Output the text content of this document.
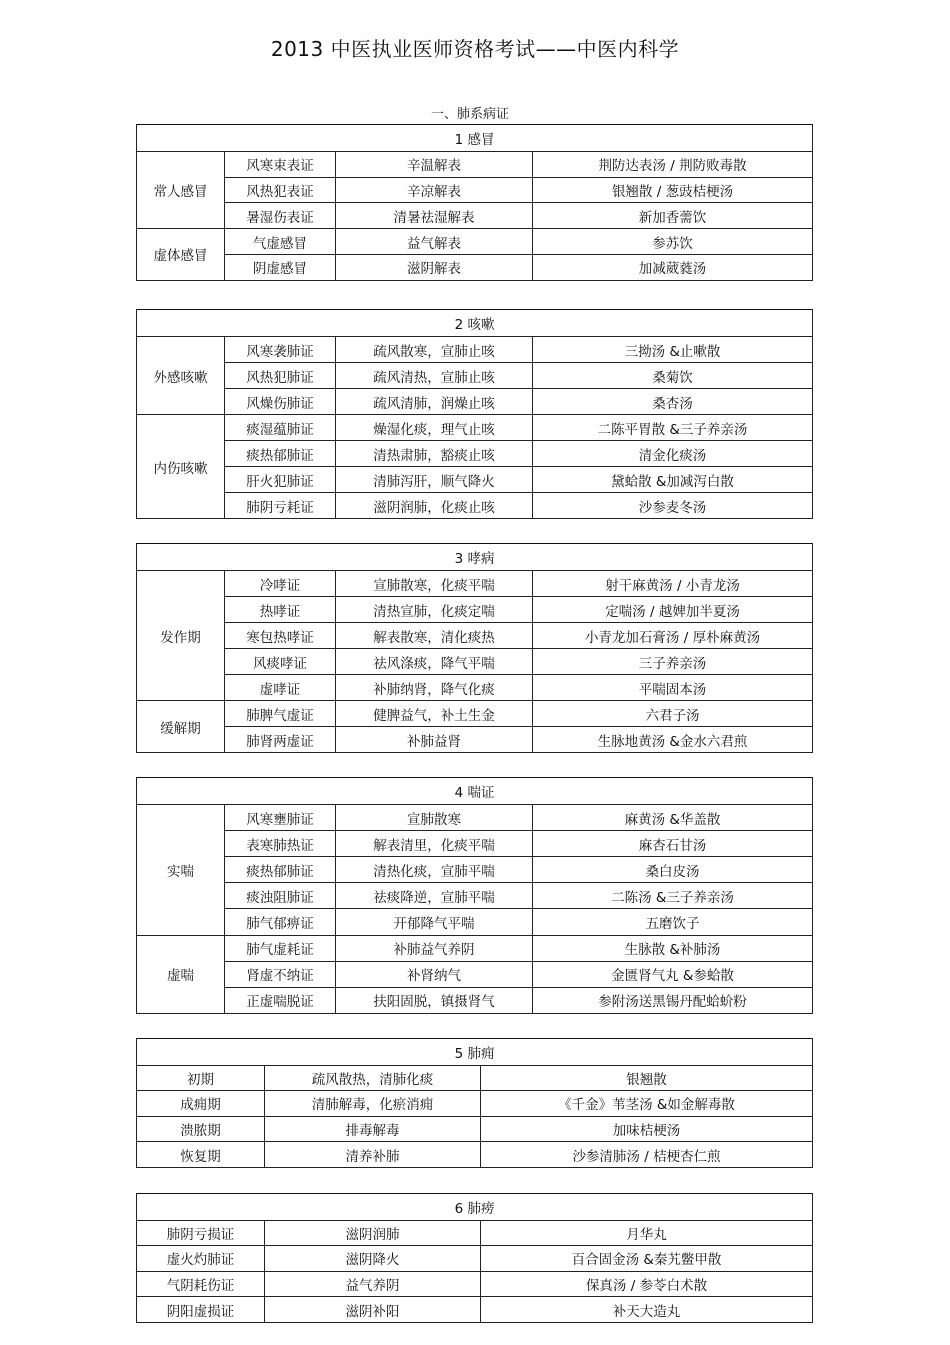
2013 中医执业医师资格考试——中医内科学
一、肺系病证
1 感冒			
常人感冒	风寒束表证	辛温解表	荆防达表汤 / 荆防败毒散
	风热犯表证	辛凉解表	银翘散 / 葱豉桔梗汤
	暑湿伤表证	清暑祛湿解表	新加香薷饮
虚体感冒	气虚感冒	益气解表	参苏饮
	阴虚感冒	滋阴解表	加减葳蕤汤
2 咳嗽			
外感咳嗽	风寒袭肺证	疏风散寒，宣肺止咳	三拗汤 &止嗽散
	风热犯肺证	疏风清热，宣肺止咳	桑菊饮
	风燥伤肺证	疏风清肺，润燥止咳	桑杏汤
内伤咳嗽	痰湿蕴肺证	燥湿化痰，理气止咳	二陈平胃散 &三子养亲汤
	痰热郁肺证	清热肃肺，豁痰止咳	清金化痰汤
	肝火犯肺证	清肺泻肝，顺气降火	黛蛤散 &加减泻白散
	肺阴亏耗证	滋阴润肺，化痰止咳	沙参麦冬汤
3 哮病			
发作期	冷哮证	宣肺散寒，化痰平喘	射干麻黄汤 / 小青龙汤
	热哮证	清热宣肺，化痰定喘	定喘汤 / 越婢加半夏汤
	寒包热哮证	解表散寒，清化痰热	小青龙加石膏汤 / 厚朴麻黄汤
	风痰哮证	祛风涤痰，降气平喘	三子养亲汤
	虚哮证	补肺纳肾，降气化痰	平喘固本汤
缓解期	肺脾气虚证	健脾益气，补土生金	六君子汤
	肺肾两虚证	补肺益肾	生脉地黄汤 &金水六君煎
4 喘证			
实喘	风寒壅肺证	宣肺散寒	麻黄汤 &华盖散
	表寒肺热证	解表清里，化痰平喘	麻杏石甘汤
	痰热郁肺证	清热化痰，宣肺平喘	桑白皮汤
	痰浊阻肺证	祛痰降逆，宣肺平喘	二陈汤 &三子养亲汤
	肺气郁痹证	开郁降气平喘	五磨饮子
虚喘	肺气虚耗证	补肺益气养阴	生脉散 &补肺汤
	肾虚不纳证	补肾纳气	金匮肾气丸 &参蛤散
	正虚喘脱证	扶阳固脱，镇摄肾气	参附汤送黑锡丹配蛤蚧粉
5 肺痈		
初期	疏风散热，清肺化痰	银翘散
成痈期	清肺解毒，化瘀消痈	《千金》苇茎汤 &如金解毒散
溃脓期	排毒解毒	加味桔梗汤
恢复期	清养补肺	沙参清肺汤 / 桔梗杏仁煎
6 肺痨		
肺阴亏损证	滋阴润肺	月华丸
虚火灼肺证	滋阴降火	百合固金汤 &秦艽鳖甲散
气阴耗伤证	益气养阴	保真汤 / 参苓白术散
阴阳虚损证	滋阴补阳	补天大造丸
